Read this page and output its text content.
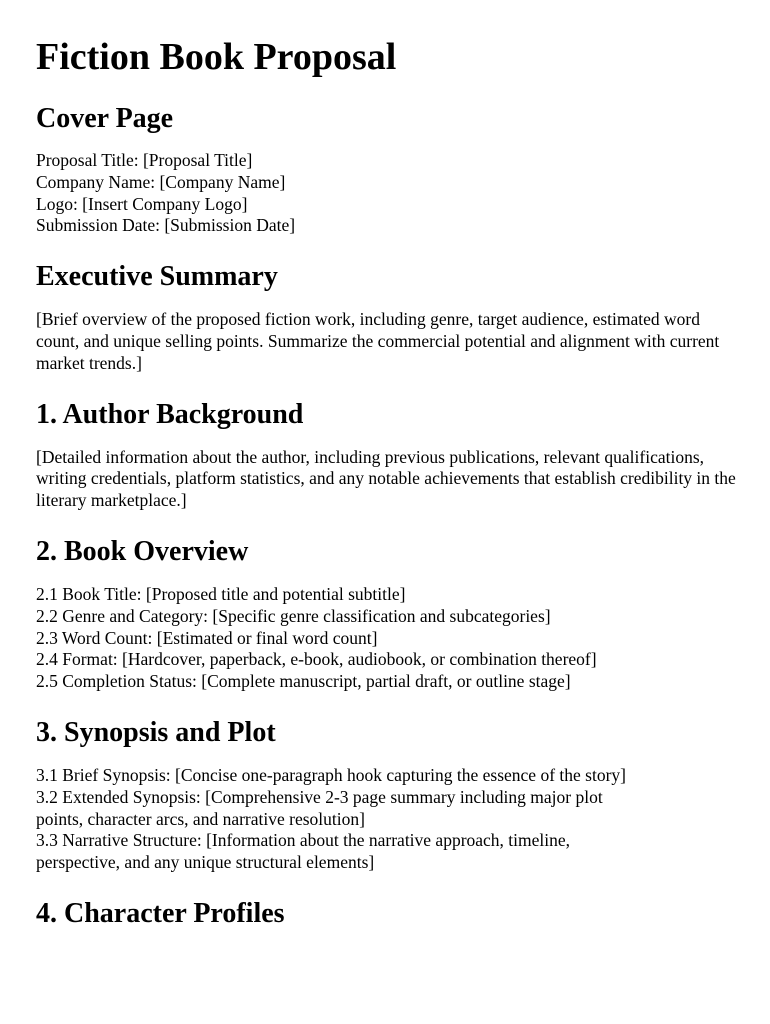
Fiction Book Proposal
Cover Page
Proposal Title: [Proposal Title]
Company Name: [Company Name]
Logo: [Insert Company Logo]
Submission Date: [Submission Date]
Executive Summary

[Brief overview of the proposed fiction work, including genre, target audience, estimated word count, and unique selling points. Summarize the commercial potential and alignment with current market trends.]

1. Author Background

[Detailed information about the author, including previous publications, relevant qualifications, writing credentials, platform statistics, and any notable achievements that establish credibility in the literary marketplace.]

2. Book Overview
2.1 Book Title: [Proposed title and potential subtitle]
2.2 Genre and Category: [Specific genre classification and subcategories]
2.3 Word Count: [Estimated or final word count]
2.4 Format: [Hardcover, paperback, e-book, audiobook, or combination thereof]
2.5 Completion Status: [Complete manuscript, partial draft, or outline stage]
3. Synopsis and Plot
3.1 Brief Synopsis: [Concise one-paragraph hook capturing the essence of the story]
3.2 Extended Synopsis: [Comprehensive 2-3 page summary including major plot
points, character arcs, and narrative resolution]
3.3 Narrative Structure: [Information about the narrative approach, timeline,
perspective, and any unique structural elements]
4. Character Profiles
